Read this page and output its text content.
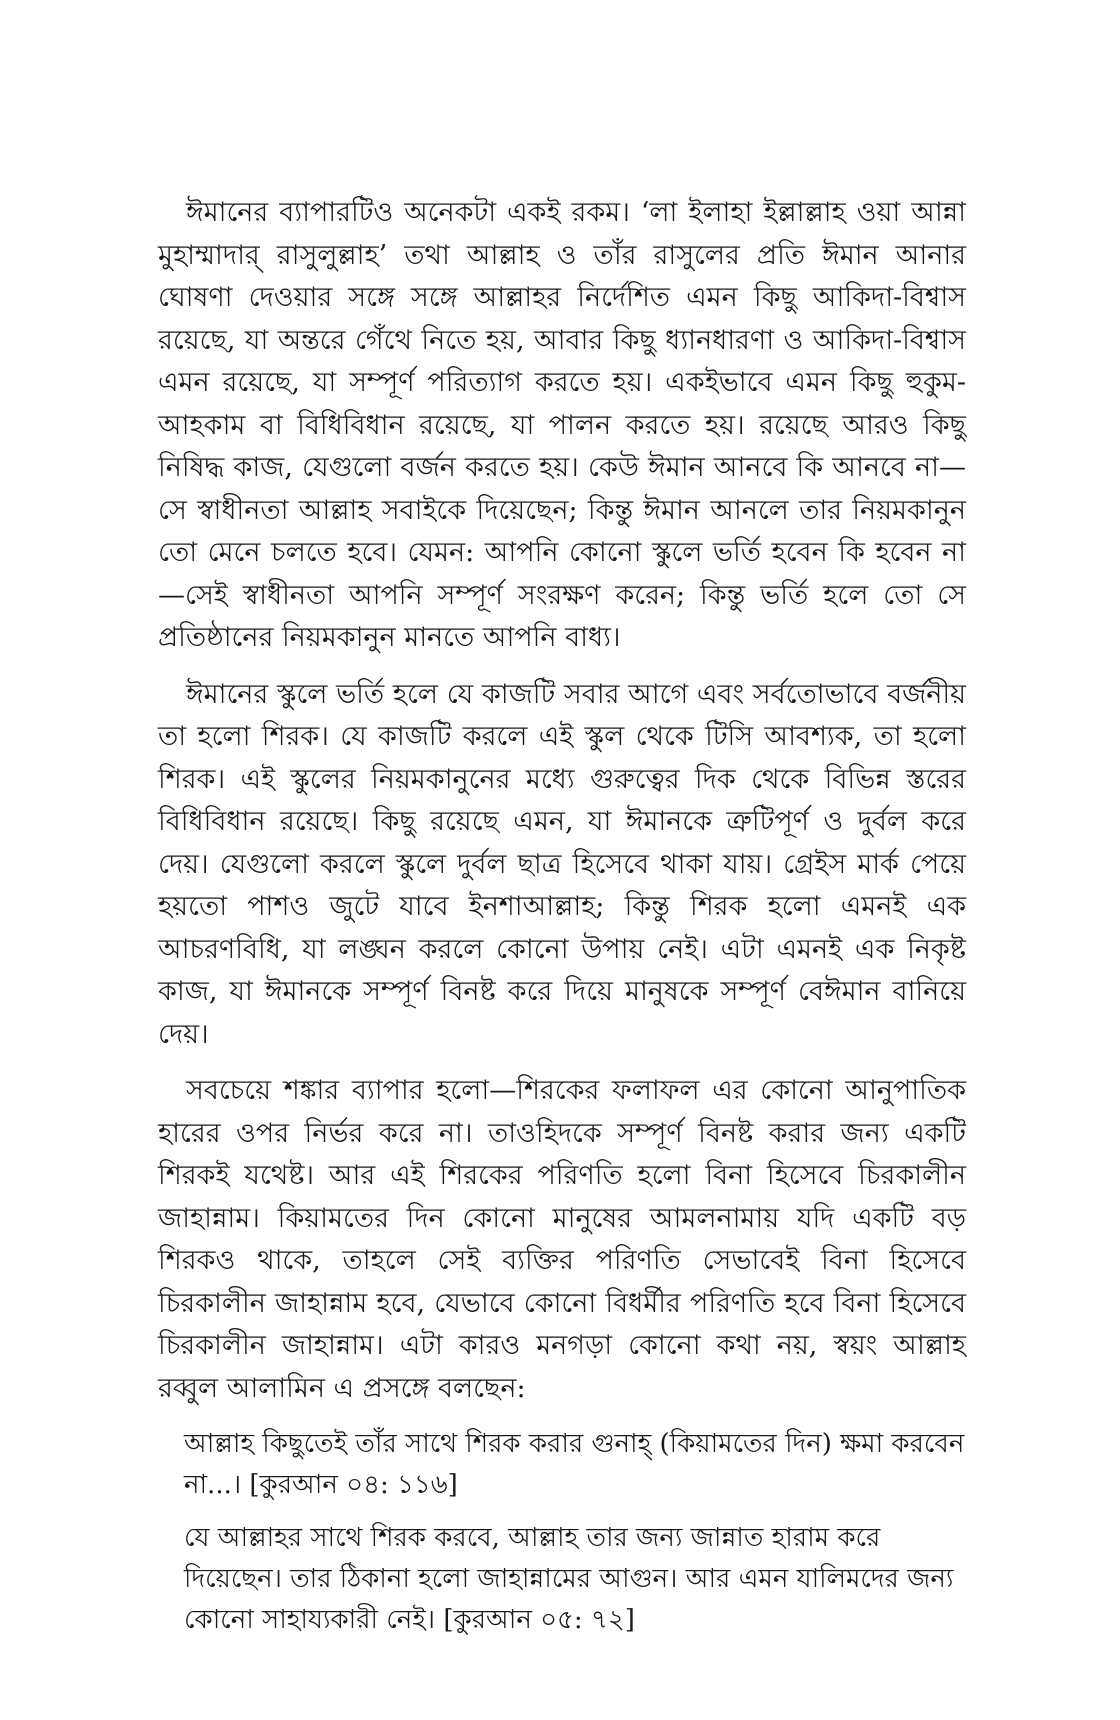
ঈমানের ব্যাপারটিও অনেকটা একই রকম। ‘লা ইলাহা ইল্লাল্লাহ ওয়া আন্না মুহাম্মাদার্ রাসুলুল্লাহ’ তথা আল্লাহ ও তাঁর রাসুলের প্রতি ঈমান আনার ঘোষণা দেওয়ার সঙ্গে সঙ্গে আল্লাহর নির্দেশিত এমন কিছু আকিদা-বিশ্বাস রয়েছে, যা অন্তরে গেঁথে নিতে হয়, আবার কিছু ধ্যানধারণা ও আকিদা-বিশ্বাস এমন রয়েছে, যা সম্পূর্ণ পরিত্যাগ করতে হয়। একইভাবে এমন কিছু হুকুম-আহকাম বা বিধিবিধান রয়েছে, যা পালন করতে হয়। রয়েছে আরও কিছু নিষিদ্ধ কাজ, যেগুলো বর্জন করতে হয়। কেউ ঈমান আনবে কি আনবে না—সে স্বাধীনতা আল্লাহ সবাইকে দিয়েছেন; কিন্তু ঈমান আনলে তার নিয়মকানুন তো মেনে চলতে হবে। যেমন: আপনি কোনো স্কুলে ভর্তি হবেন কি হবেন না—সেই স্বাধীনতা আপনি সম্পূর্ণ সংরক্ষণ করেন; কিন্তু ভর্তি হলে তো সে প্রতিষ্ঠানের নিয়মকানুন মানতে আপনি বাধ্য।

ঈমানের স্কুলে ভর্তি হলে যে কাজটি সবার আগে এবং সর্বতোভাবে বর্জনীয় তা হলো শিরক। যে কাজটি করলে এই স্কুল থেকে টিসি আবশ্যক, তা হলো শিরক। এই স্কুলের নিয়মকানুনের মধ্যে গুরুত্বের দিক থেকে বিভিন্ন স্তরের বিধিবিধান রয়েছে। কিছু রয়েছে এমন, যা ঈমানকে ত্রুটিপূর্ণ ও দুর্বল করে দেয়। যেগুলো করলে স্কুলে দুর্বল ছাত্র হিসেবে থাকা যায়। গ্রেইস মার্ক পেয়ে হয়তো পাশও জুটে যাবে ইনশাআল্লাহ; কিন্তু শিরক হলো এমনই এক আচরণবিধি, যা লঙ্ঘন করলে কোনো উপায় নেই। এটা এমনই এক নিকৃষ্ট কাজ, যা ঈমানকে সম্পূর্ণ বিনষ্ট করে দিয়ে মানুষকে সম্পূর্ণ বেঈমান বানিয়ে দেয়।

সবচেয়ে শঙ্কার ব্যাপার হলো—শিরকের ফলাফল এর কোনো আনুপাতিক হারের ওপর নির্ভর করে না। তাওহিদকে সম্পূর্ণ বিনষ্ট করার জন্য একটি শিরকই যথেষ্ট। আর এই শিরকের পরিণতি হলো বিনা হিসেবে চিরকালীন জাহান্নাম। কিয়ামতের দিন কোনো মানুষের আমলনামায় যদি একটি বড় শিরকও থাকে, তাহলে সেই ব্যক্তির পরিণতি সেভাবেই বিনা হিসেবে চিরকালীন জাহান্নাম হবে, যেভাবে কোনো বিধর্মীর পরিণতি হবে বিনা হিসেবে চিরকালীন জাহান্নাম। এটা কারও মনগড়া কোনো কথা নয়, স্বয়ং আল্লাহ রব্বুল আলামিন এ প্রসঙ্গে বলছেন:

আল্লাহ কিছুতেই তাঁর সাথে শিরক করার গুনাহ্ (কিয়ামতের দিন) ক্ষমা করবেন না...। [কুরআন ০৪: ১১৬]

যে আল্লাহর সাথে শিরক করবে, আল্লাহ তার জন্য জান্নাত হারাম করে দিয়েছেন। তার ঠিকানা হলো জাহান্নামের আগুন। আর এমন যালিমদের জন্য কোনো সাহায্যকারী নেই। [কুরআন ০৫: ৭২]
